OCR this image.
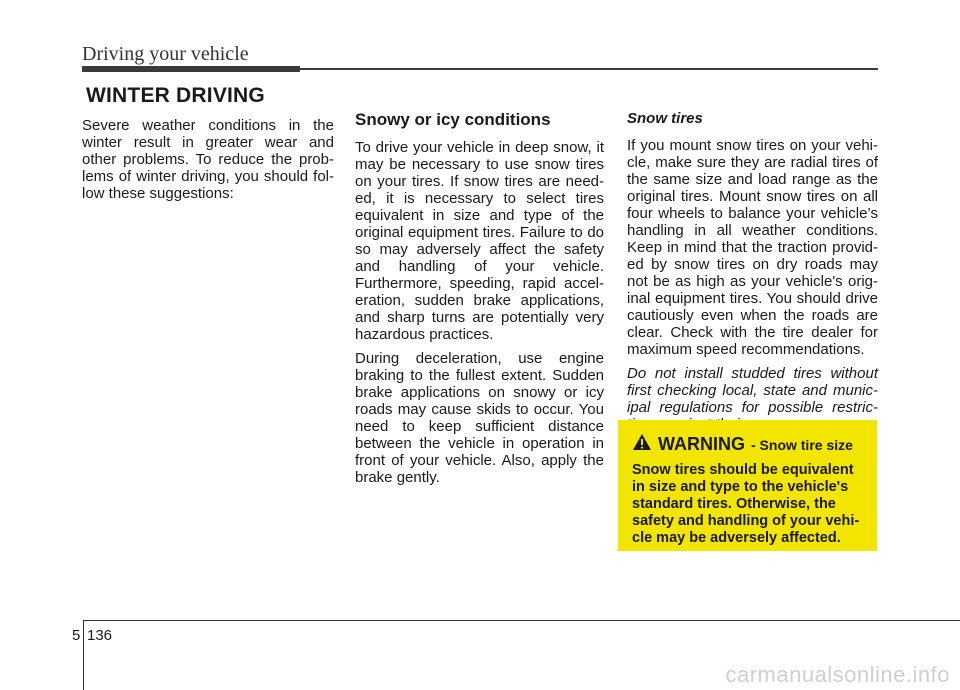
Driving your vehicle
WINTER DRIVING

Severe weather conditions in the winter result in greater wear and other problems. To reduce the prob-lems of winter driving, you should fol-low these suggestions:

Snowy or icy conditions

To drive your vehicle in deep snow, it may be necessary to use snow tires on your tires. If snow tires are need-ed, it is necessary to select tires equivalent in size and type of the original equipment tires. Failure to do so may adversely affect the safety and handling of your vehicle. Furthermore, speeding, rapid accel-eration, sudden brake applications, and sharp turns are potentially very hazardous practices.

During deceleration, use engine braking to the fullest extent. Sudden brake applications on snowy or icy roads may cause skids to occur. You need to keep sufficient distance between the vehicle in operation in front of your vehicle. Also, apply the brake gently.

Snow tires

If you mount snow tires on your vehi-cle, make sure they are radial tires of the same size and load range as the original tires. Mount snow tires on all four wheels to balance your vehicle’s handling in all weather conditions. Keep in mind that the traction provid-ed by snow tires on dry roads may not be as high as your vehicle's orig-inal equipment tires. You should drive cautiously even when the roads are clear. Check with the tire dealer for maximum speed recommendations.

Do not install studded tires without first checking local, state and munic-ipal regulations for possible restric-

WARNING - Snow tire size
Snow tires should be equivalent in size and type to the vehicle's standard tires. Otherwise, the safety and handling of your vehi-cle may be adversely affected.
5 136
carmanualsonline.info
